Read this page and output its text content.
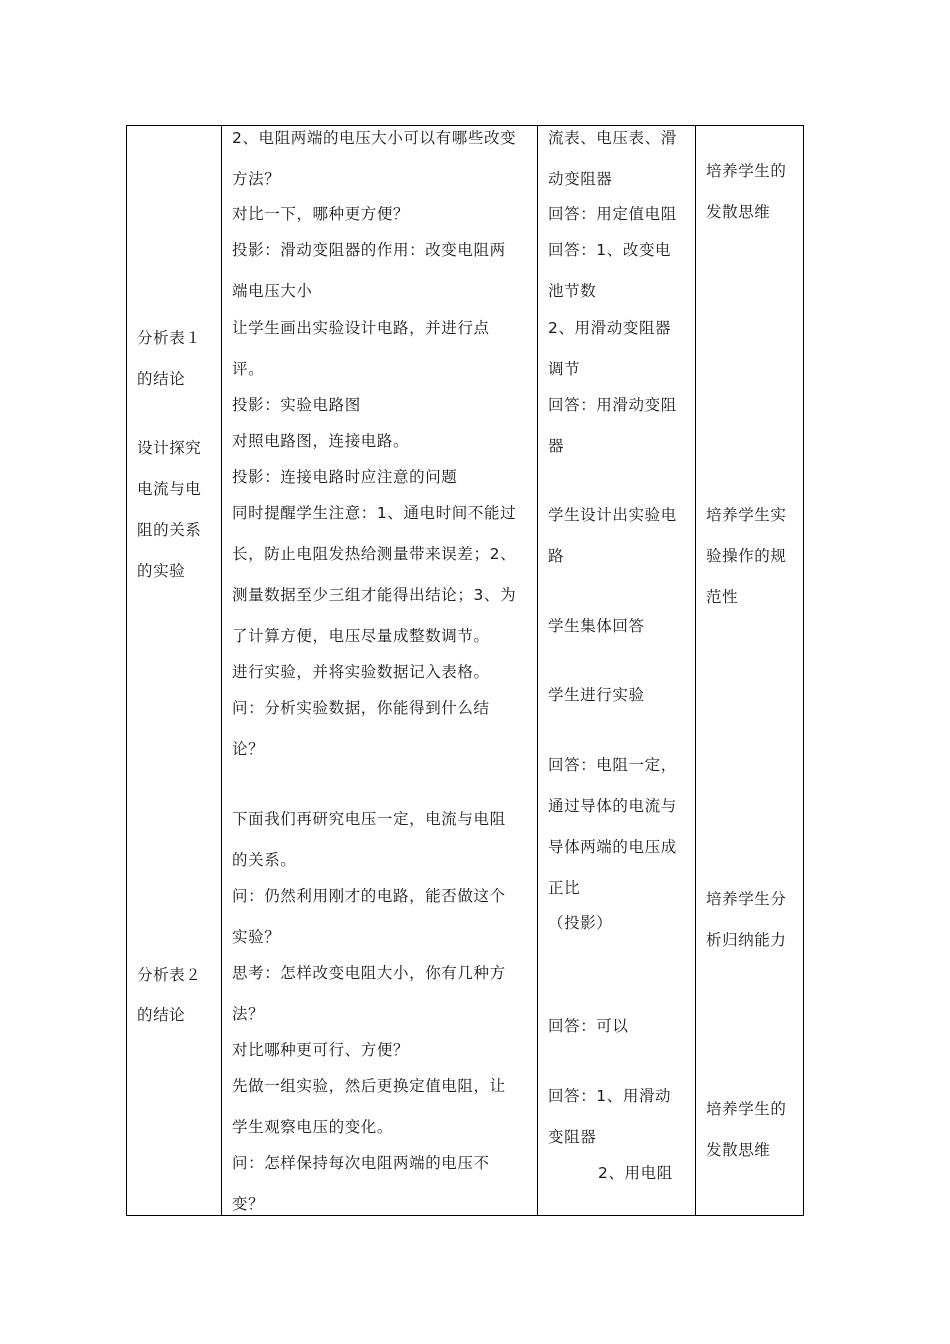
分析表１
的结论
设计探究
电流与电
阻的关系
的实验
分析表２
的结论
2、电阻两端的电压大小可以有哪些改变
方法？
对比一下，哪种更方便？
投影：滑动变阻器的作用：改变电阻两
端电压大小
让学生画出实验设计电路，并进行点
评。
投影：实验电路图
对照电路图，连接电路。
投影：连接电路时应注意的问题
同时提醒学生注意：1、通电时间不能过
长，防止电阻发热给测量带来误差；2、
测量数据至少三组才能得出结论；3、为
了计算方便，电压尽量成整数调节。
进行实验，并将实验数据记入表格。
问：分析实验数据，你能得到什么结
论？
下面我们再研究电压一定，电流与电阻
的关系。
问：仍然利用刚才的电路，能否做这个
实验？
思考：怎样改变电阻大小，你有几种方
法？
对比哪种更可行、方便？
先做一组实验，然后更换定值电阻，让
学生观察电压的变化。
问：怎样保持每次电阻两端的电压不
变？
流表、电压表、滑
动变阻器
回答：用定值电阻
回答：1、改变电
池节数
2、用滑动变阻器
调节
回答：用滑动变阻
器
学生设计出实验电
路
学生集体回答
学生进行实验
回答：电阻一定，
通过导体的电流与
导体两端的电压成
正比
（投影）
回答：可以
回答：1、用滑动
变阻器
2、用电阻
培养学生的
发散思维
培养学生实
验操作的规
范性
培养学生分
析归纳能力
培养学生的
发散思维
